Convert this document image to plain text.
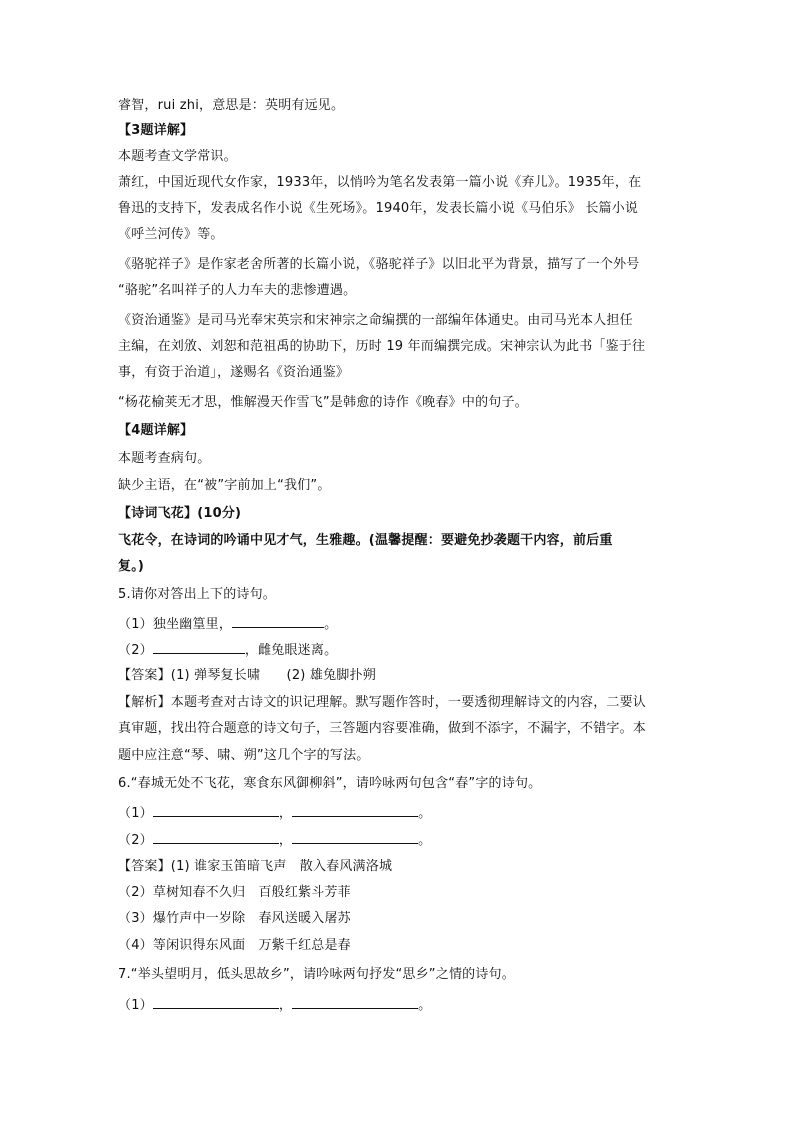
睿智，rui zhi，意思是：英明有远见。
【3题详解】
本题考查文学常识。
萧红，中国近现代女作家，1933年，以悄吟为笔名发表第一篇小说《弃儿》。1935年，在
鲁迅的支持下，发表成名作小说《生死场》。1940年，发表长篇小说《马伯乐》 长篇小说
《呼兰河传》等。
《骆驼祥子》是作家老舍所著的长篇小说，《骆驼祥子》以旧北平为背景，描写了一个外号
“骆驼”名叫祥子的人力车夫的悲惨遭遇。
《资治通鉴》是司马光奉宋英宗和宋神宗之命编撰的一部编年体通史。由司马光本人担任
主编，在刘攽、刘恕和范祖禹的协助下，历时 19 年而编撰完成。宋神宗认为此书「鉴于往
事，有资于治道」，遂赐名《资治通鉴》
“杨花榆荚无才思，惟解漫天作雪飞”是韩愈的诗作《晚春》中的句子。
【4题详解】
本题考查病句。
缺少主语，在“被”字前加上“我们”。
【诗词飞花】(10分)
飞花令，在诗词的吟诵中见才气，生雅趣。(温馨提醒：要避免抄袭题干内容，前后重
复。)
5.请你对答出上下的诗句。
（1）独坐幽篁里，	。
（2）	，雌兔眼迷离。
【答案】(1) 弹琴复长啸　　(2) 雄兔脚扑朔
【解析】本题考查对古诗文的识记理解。默写题作答时，一要透彻理解诗文的内容，二要认
真审题，找出符合题意的诗文句子，三答题内容要准确，做到不添字，不漏字，不错字。本
题中应注意“琴、啸、朔”这几个字的写法。
6.“春城无处不飞花，寒食东风御柳斜”，请吟咏两句包含“春”字的诗句。
（1）	，	。
（2）	，	。
【答案】(1) 谁家玉笛暗飞声　散入春风满洛城
（2）草树知春不久归　百般红紫斗芳菲
（3）爆竹声中一岁除　春风送暖入屠苏
（4）等闲识得东风面　万紫千红总是春
7.“举头望明月，低头思故乡”，请吟咏两句抒发“思乡”之情的诗句。
（1）	，	。
